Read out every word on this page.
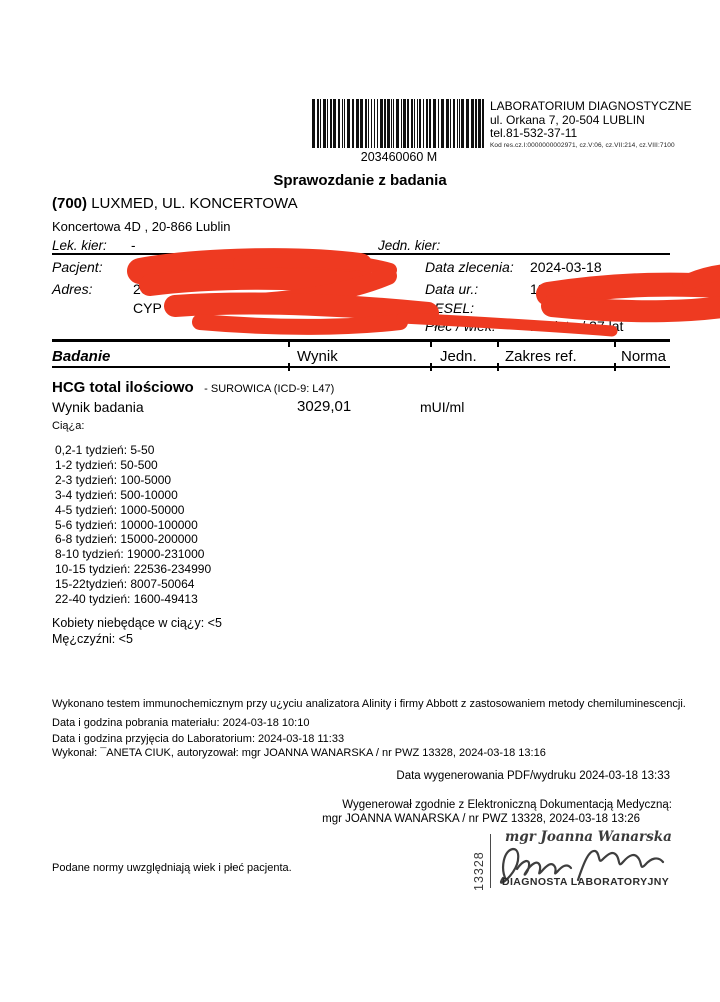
203460060 M
LABORATORIUM DIAGNOSTYCZNE
ul. Orkana 7, 20-504 LUBLIN
tel.81-532-37-11
Kod res.cz.I:0000000002971, cz.V:06, cz.VII:214, cz.VIII:7100
Sprawozdanie z badania
(700) LUXMED, UL. KONCERTOWA
Koncertowa 4D , 20-866 Lublin
Lek. kier: -	Jedn. kier:
Pacjent:	A
Adres:	20
CYP	OWA 4
Data zlecenia: 2024-03-18
Data ur.:	1986-04-1
PESEL:	8604	969
Płeć / wiek: Kobieta / 37 lat
Badanie	Wynik	Jedn. Zakres ref.	Norma
HCG total ilościowo - SUROWICA (ICD-9: L47)
Wynik badania	3029,01	mUI/ml
Cią¿a:
0,2-1 tydzień: 5-50
1-2 tydzień: 50-500
2-3 tydzień: 100-5000
3-4 tydzień: 500-10000
4-5 tydzień: 1000-50000
5-6 tydzień: 10000-100000
6-8 tydzień: 15000-200000
8-10 tydzień: 19000-231000
10-15 tydzień: 22536-234990
15-22tydzień: 8007-50064
22-40 tydzień: 1600-49413
Kobiety niebędące w cią¿y: <5
Mę¿czyźni: <5
Wykonano testem immunochemicznym przy u¿yciu analizatora Alinity i firmy Abbott z zastosowaniem metody chemiluminescencji.
Data i godzina pobrania materiału: 2024-03-18 10:10
Data i godzina przyjęcia do Laboratorium: 2024-03-18 11:33
Wykonał: ¯ANETA CIUK, autoryzował: mgr JOANNA WANARSKA / nr PWZ 13328, 2024-03-18 13:16
Data wygenerowania PDF/wydruku 2024-03-18 13:33
Wygenerował zgodnie z Elektroniczną Dokumentacją Medyczną:
mgr JOANNA WANARSKA / nr PWZ 13328, 2024-03-18 13:26
Podane normy uwzględniają wiek i płeć pacjenta.	13328
mgr Joanna Wanarska
DIAGNOSTA LABORATORYJNY
